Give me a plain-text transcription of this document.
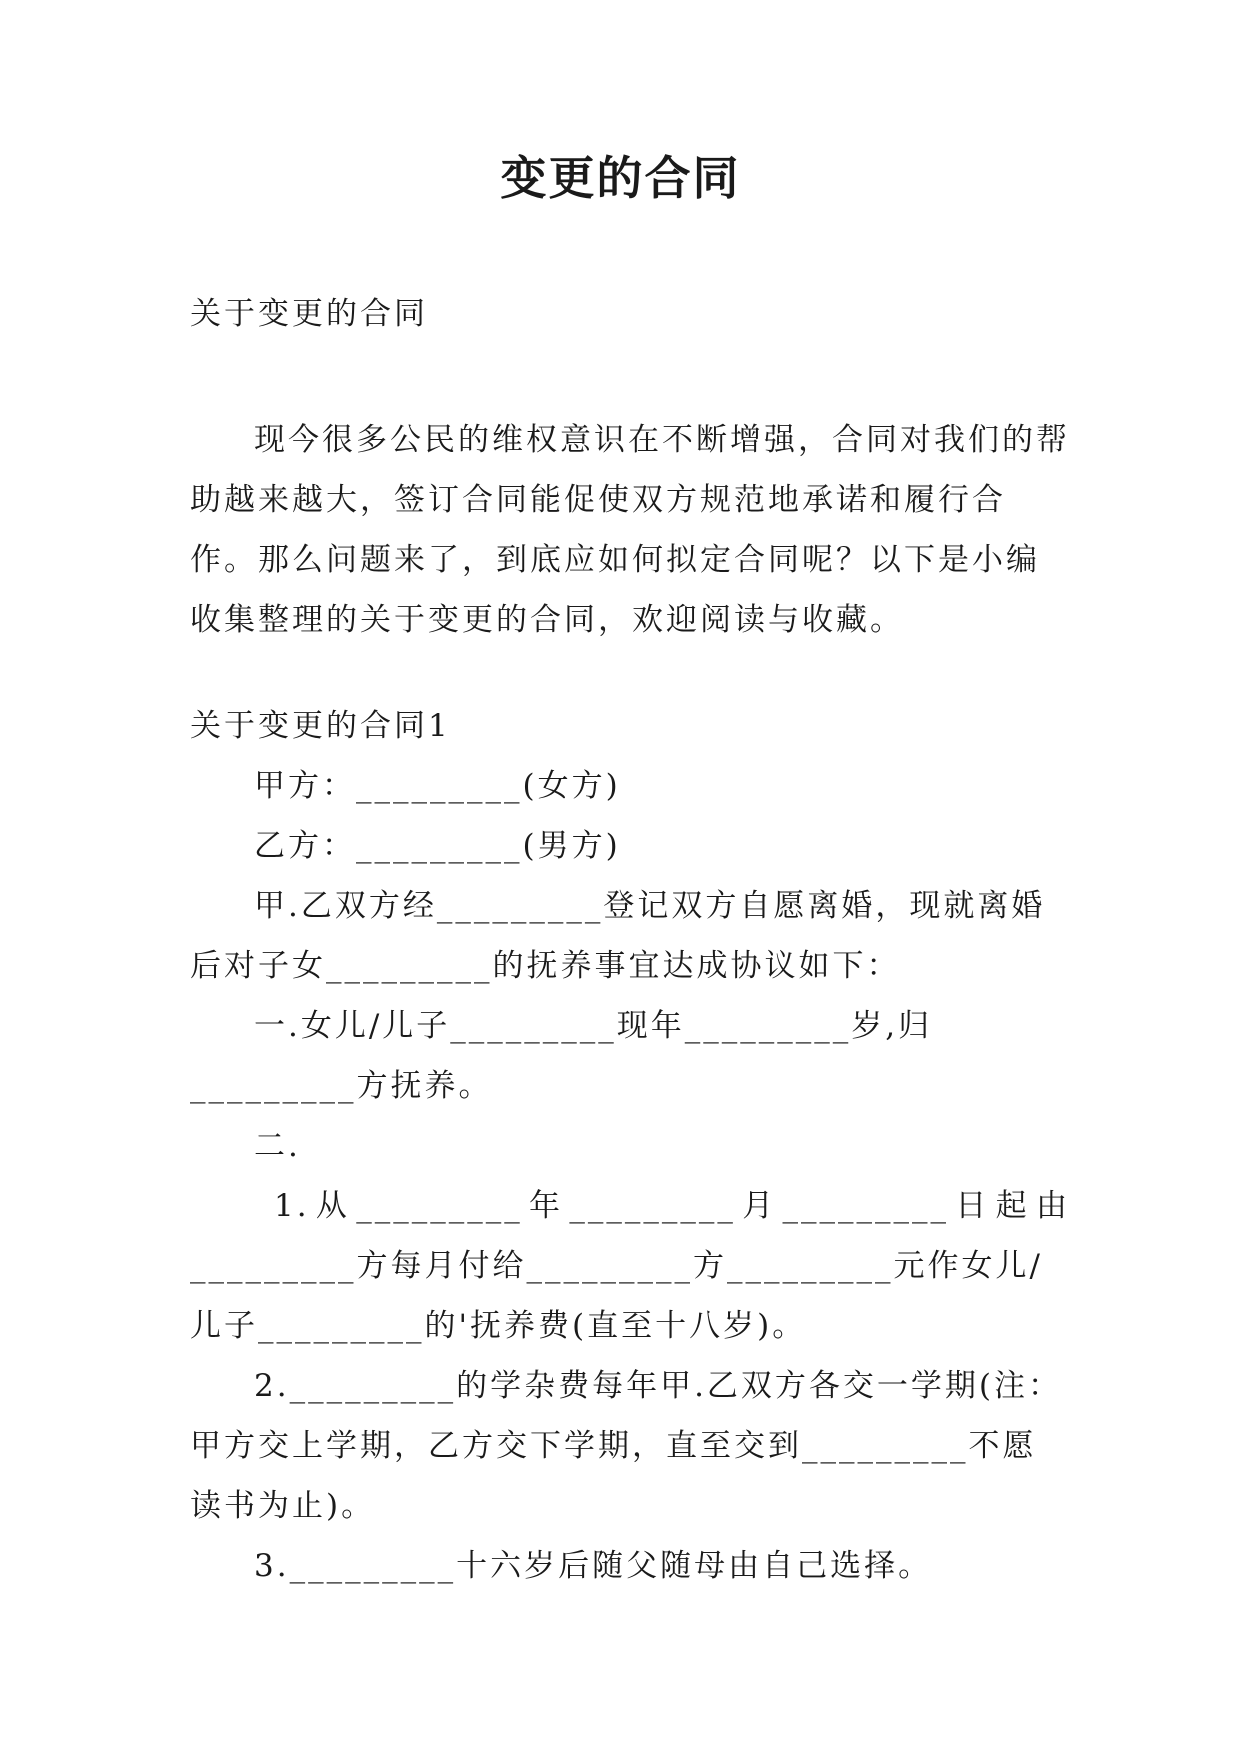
变更的合同
关于变更的合同
现今很多公民的维权意识在不断增强，合同对我们的帮助越来越大，签订合同能促使双方规范地承诺和履行合作。那么问题来了，到底应如何拟定合同呢？以下是小编收集整理的关于变更的合同，欢迎阅读与收藏。
关于变更的合同1

甲方：_________(女方)

乙方：_________(男方)

甲.乙双方经_________登记双方自愿离婚，现就离婚后对子女_________的抚养事宜达成协议如下：

一.女儿/儿子_________现年_________岁,归_________方抚养。

二.

1.从_________年_________月_________日起由

_________方每月付给_________方_________元作女儿/儿子_________的'抚养费(直至十八岁)。

2._________的学杂费每年甲.乙双方各交一学期(注：甲方交上学期，乙方交下学期，直至交到_________不愿读书为止)。

3._________十六岁后随父随母由自己选择。
